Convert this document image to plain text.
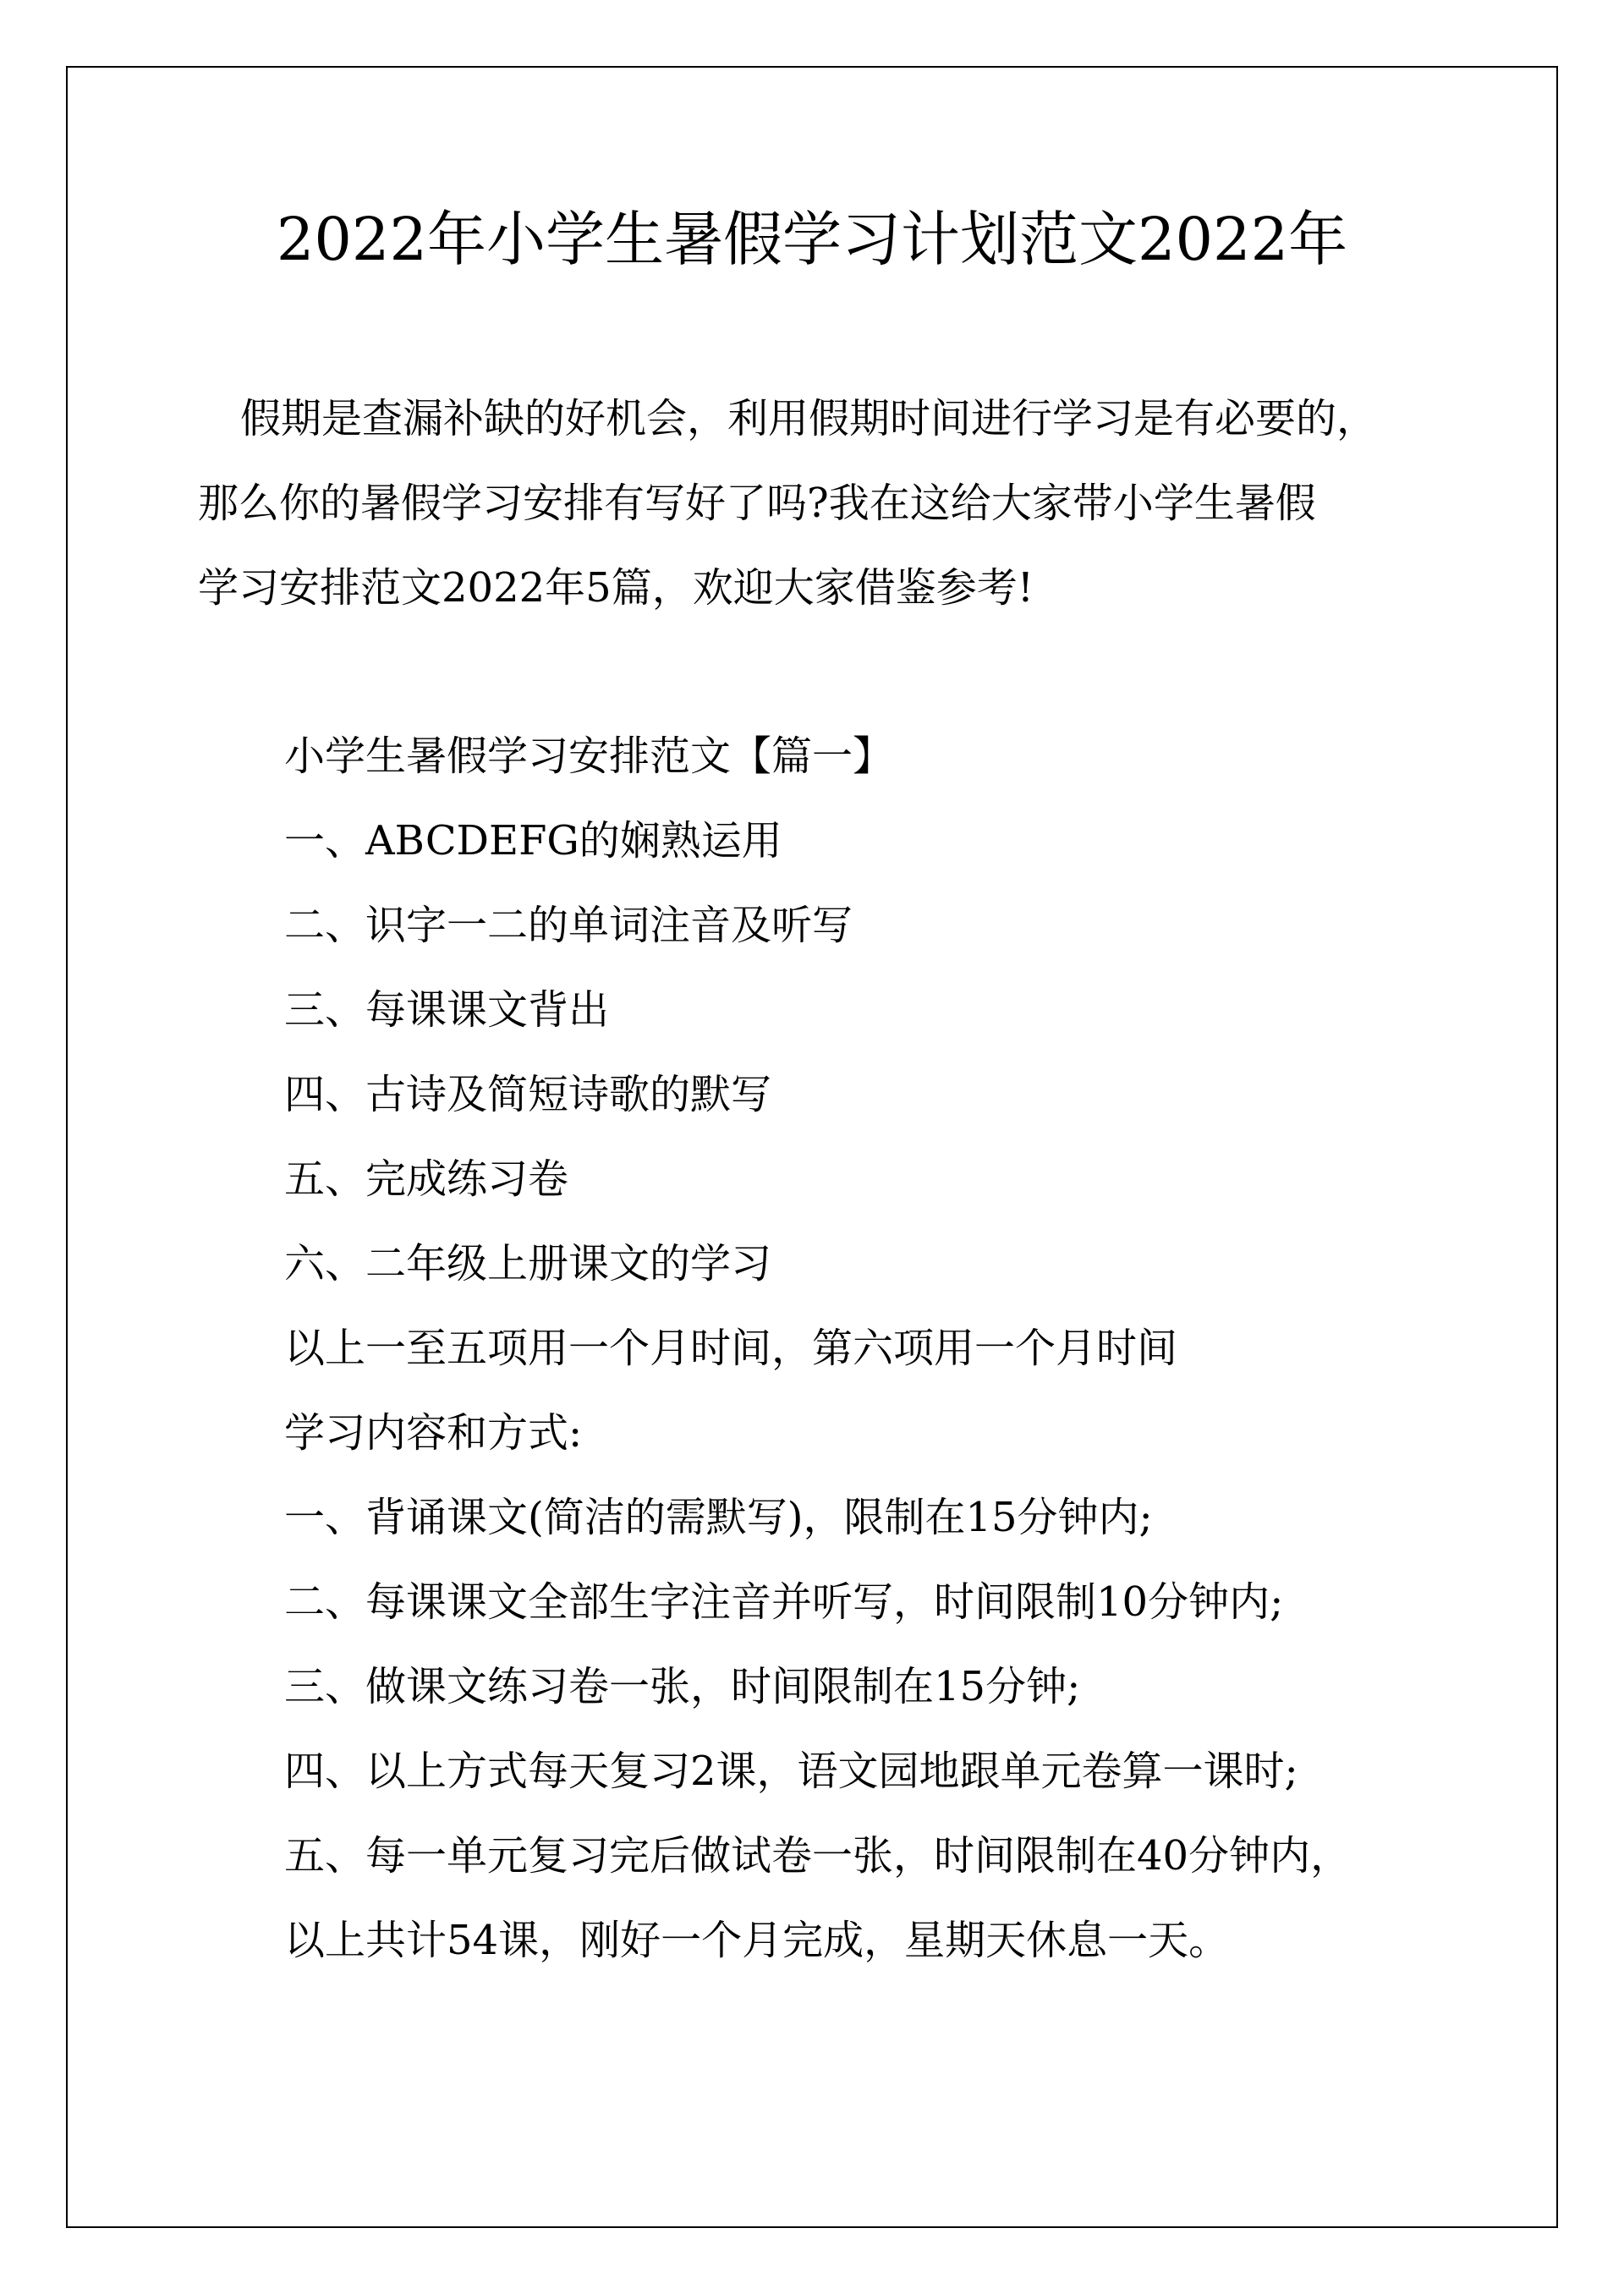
2022年小学生暑假学习计划范文2022年
假期是查漏补缺的好机会，利用假期时间进行学习是有必要的，
那么你的暑假学习安排有写好了吗?我在这给大家带小学生暑假
学习安排范文2022年5篇，欢迎大家借鉴参考!
小学生暑假学习安排范文【篇一】
一、ABCDEFG的娴熟运用
二、识字一二的单词注音及听写
三、每课课文背出
四、古诗及简短诗歌的默写
五、完成练习卷
六、二年级上册课文的学习
以上一至五项用一个月时间，第六项用一个月时间
学习内容和方式:
一、背诵课文(简洁的需默写)，限制在15分钟内;
二、每课课文全部生字注音并听写，时间限制10分钟内;
三、做课文练习卷一张，时间限制在15分钟;
四、以上方式每天复习2课，语文园地跟单元卷算一课时;
五、每一单元复习完后做试卷一张，时间限制在40分钟内，
以上共计54课，刚好一个月完成，星期天休息一天。
